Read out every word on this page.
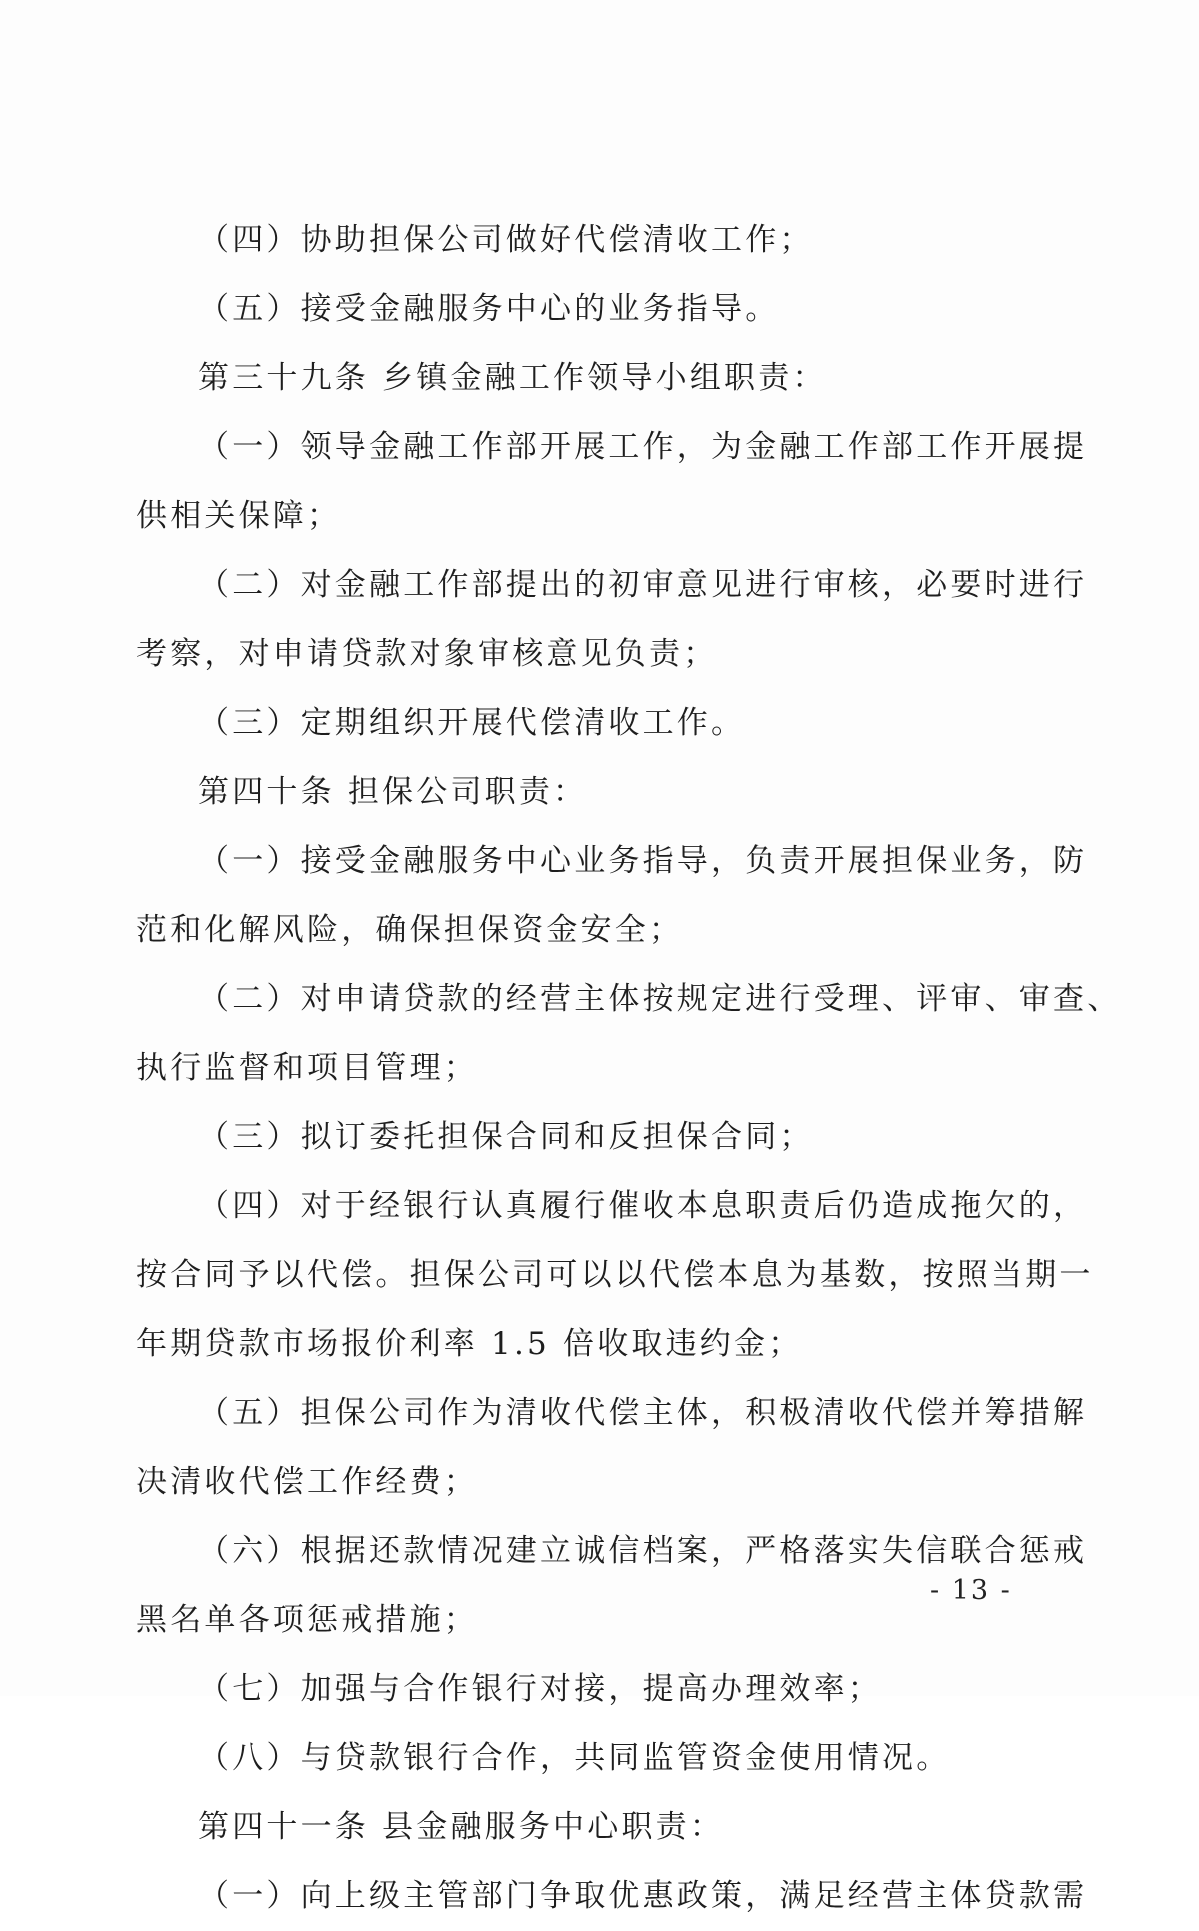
（四）协助担保公司做好代偿清收工作；
（五）接受金融服务中心的业务指导。
第三十九条 乡镇金融工作领导小组职责：
（一）领导金融工作部开展工作，为金融工作部工作开展提
供相关保障；
（二）对金融工作部提出的初审意见进行审核，必要时进行
考察，对申请贷款对象审核意见负责；
（三）定期组织开展代偿清收工作。
第四十条 担保公司职责：
（一）接受金融服务中心业务指导，负责开展担保业务，防
范和化解风险，确保担保资金安全；
（二）对申请贷款的经营主体按规定进行受理、评审、审查、
执行监督和项目管理；
（三）拟订委托担保合同和反担保合同；
（四）对于经银行认真履行催收本息职责后仍造成拖欠的，
按合同予以代偿。担保公司可以以代偿本息为基数，按照当期一
年期贷款市场报价利率 1.5 倍收取违约金；
（五）担保公司作为清收代偿主体，积极清收代偿并筹措解
决清收代偿工作经费；
（六）根据还款情况建立诚信档案，严格落实失信联合惩戒
黑名单各项惩戒措施；
（七）加强与合作银行对接，提高办理效率；
（八）与贷款银行合作，共同监管资金使用情况。
第四十一条 县金融服务中心职责：
（一）向上级主管部门争取优惠政策，满足经营主体贷款需
- 13 -
